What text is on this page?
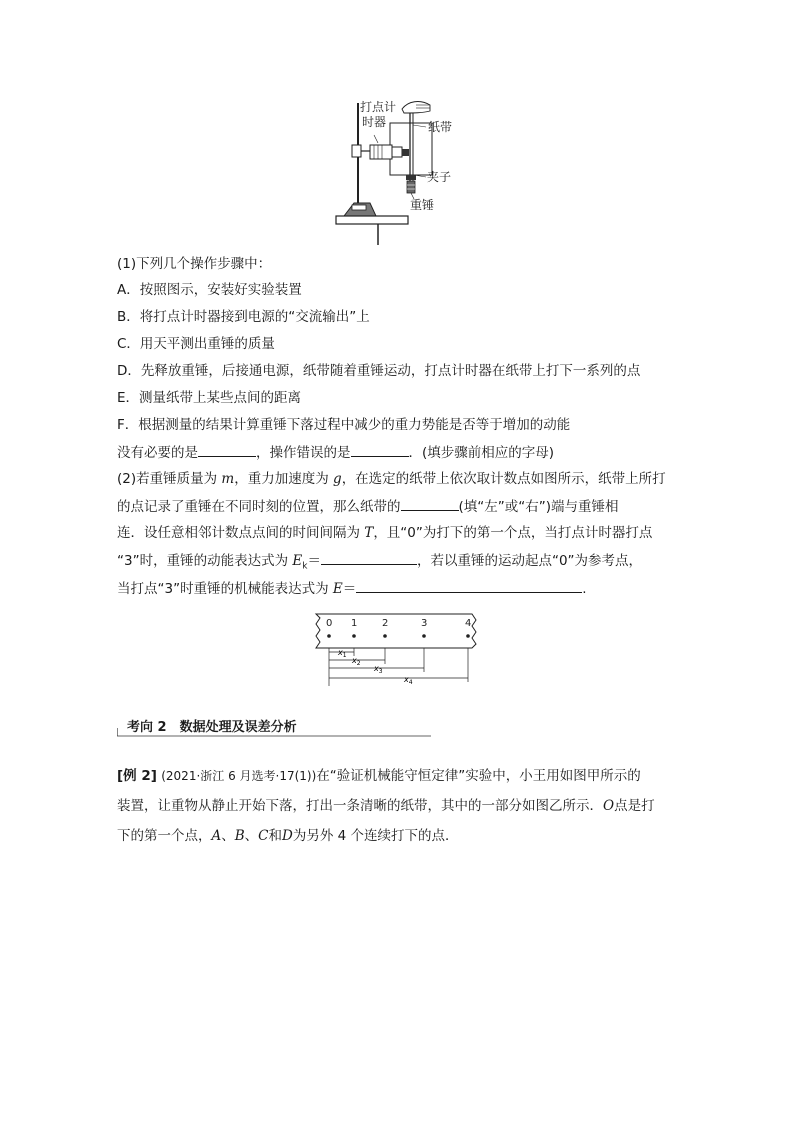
打点计
时器	纸带
夹子
重锤
(1)下列几个操作步骤中：
A．按照图示，安装好实验装置
B．将打点计时器接到电源的“交流输出”上
C．用天平测出重锤的质量
D．先释放重锤，后接通电源，纸带随着重锤运动，打点计时器在纸带上打下一系列的点
E．测量纸带上某些点间的距离
F．根据测量的结果计算重锤下落过程中减少的重力势能是否等于增加的动能
没有必要的是	，操作错误的是	．(填步骤前相应的字母)
(2)若重锤质量为 m，重力加速度为 g，在选定的纸带上依次取计数点如图所示，纸带上所打
的点记录了重锤在不同时刻的位置，那么纸带的	(填“左”或“右”)端与重锤相
连．设任意相邻计数点点间的时间间隔为 T，且“0”为打下的第一个点，当打点计时器打点
“3”时，重锤的动能表达式为 $E_k=$	，若以重锤的运动起点“0”为参考点，
当打点“3”时重锤的机械能表达式为 E＝	.
0 1 2	3	4
$x_1$
$x_2$
$x_3$
$x_4$
考向 2　数据处理及误差分析
[例 2] (2021·浙江 6 月选考·17(1))在“验证机械能守恒定律”实验中，小王用如图甲所示的
装置，让重物从静止开始下落，打出一条清晰的纸带，其中的一部分如图乙所示．O点是打
下的第一个点，A、B、C和D为另外 4 个连续打下的点．
